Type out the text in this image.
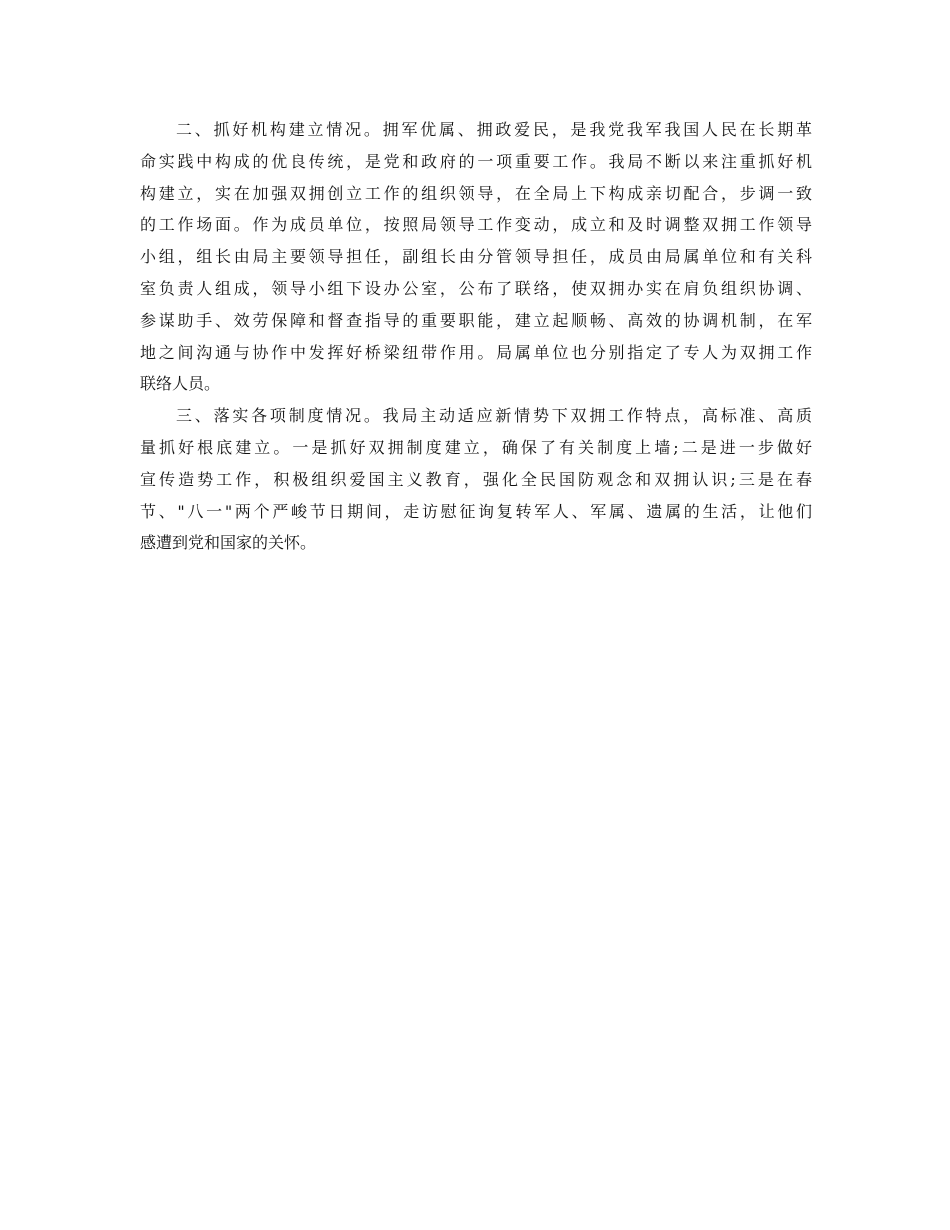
二、抓好机构建立情况。拥军优属、拥政爱民，是我党我军我国人民在长期革
命实践中构成的优良传统，是党和政府的一项重要工作。我局不断以来注重抓好机
构建立，实在加强双拥创立工作的组织领导，在全局上下构成亲切配合，步调一致
的工作场面。作为成员单位，按照局领导工作变动，成立和及时调整双拥工作领导
小组，组长由局主要领导担任，副组长由分管领导担任，成员由局属单位和有关科
室负责人组成，领导小组下设办公室，公布了联络，使双拥办实在肩负组织协调、
参谋助手、效劳保障和督查指导的重要职能，建立起顺畅、高效的协调机制，在军
地之间沟通与协作中发挥好桥梁纽带作用。局属单位也分别指定了专人为双拥工作
联络人员。

三、落实各项制度情况。我局主动适应新情势下双拥工作特点，高标准、高质
量抓好根底建立。一是抓好双拥制度建立，确保了有关制度上墙;二是进一步做好
宣传造势工作，积极组织爱国主义教育，强化全民国防观念和双拥认识;三是在春
节、"八一"两个严峻节日期间，走访慰征询复转军人、军属、遗属的生活，让他们
感遭到党和国家的关怀。
